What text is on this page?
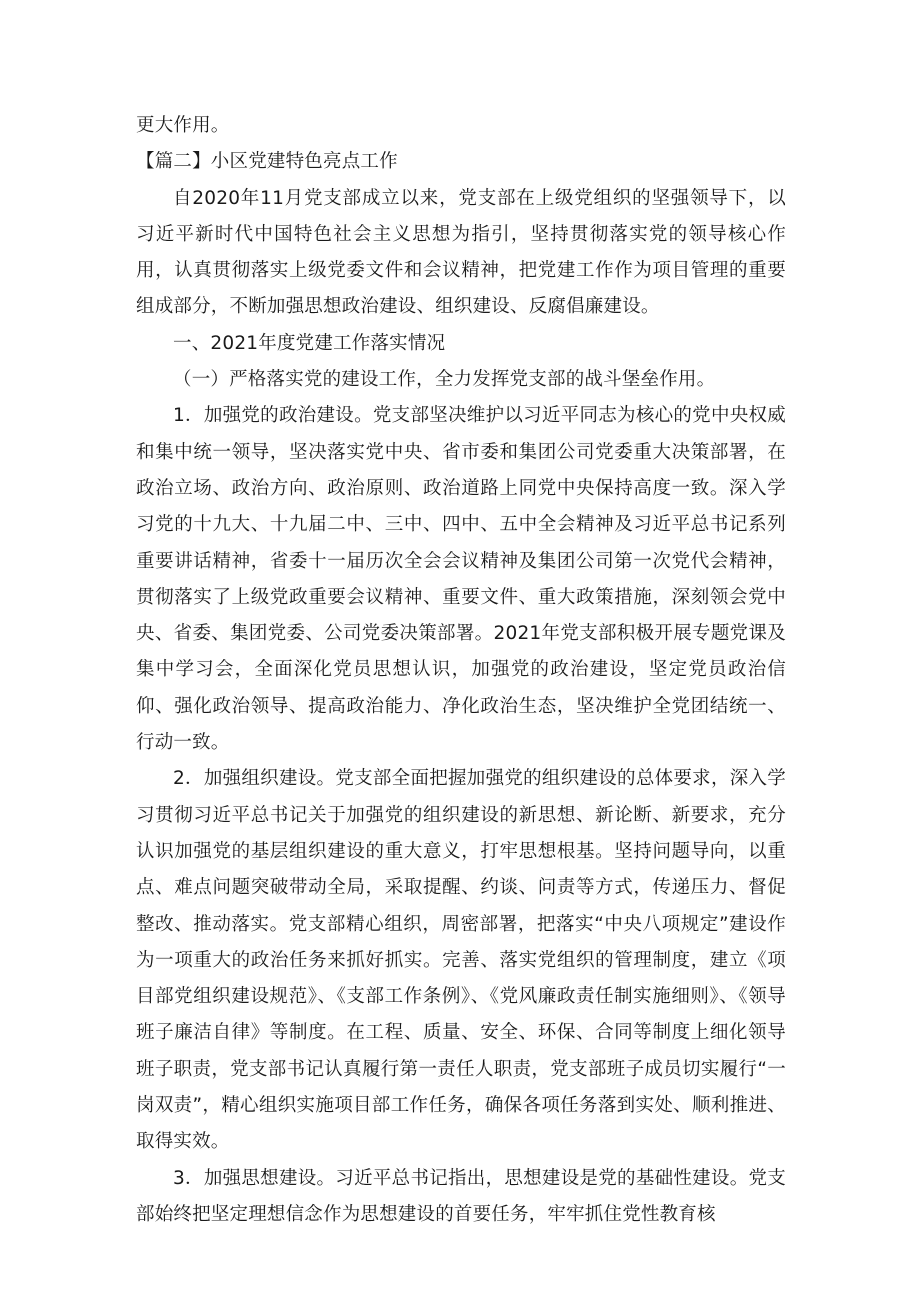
更大作用。

【篇二】小区党建特色亮点工作

自2020年11月党支部成立以来，党支部在上级党组织的坚强领导下，以习近平新时代中国特色社会主义思想为指引，坚持贯彻落实党的领导核心作用，认真贯彻落实上级党委文件和会议精神，把党建工作作为项目管理的重要组成部分，不断加强思想政治建设、组织建设、反腐倡廉建设。

一、2021年度党建工作落实情况

（一）严格落实党的建设工作，全力发挥党支部的战斗堡垒作用。

1．加强党的政治建设。党支部坚决维护以习近平同志为核心的党中央权威和集中统一领导，坚决落实党中央、省市委和集团公司党委重大决策部署，在政治立场、政治方向、政治原则、政治道路上同党中央保持高度一致。深入学习党的十九大、十九届二中、三中、四中、五中全会精神及习近平总书记系列重要讲话精神，省委十一届历次全会会议精神及集团公司第一次党代会精神，贯彻落实了上级党政重要会议精神、重要文件、重大政策措施，深刻领会党中央、省委、集团党委、公司党委决策部署。2021年党支部积极开展专题党课及集中学习会，全面深化党员思想认识，加强党的政治建设，坚定党员政治信仰、强化政治领导、提高政治能力、净化政治生态，坚决维护全党团结统一、行动一致。

2．加强组织建设。党支部全面把握加强党的组织建设的总体要求，深入学习贯彻习近平总书记关于加强党的组织建设的新思想、新论断、新要求，充分认识加强党的基层组织建设的重大意义，打牢思想根基。坚持问题导向，以重点、难点问题突破带动全局，采取提醒、约谈、问责等方式，传递压力、督促整改、推动落实。党支部精心组织，周密部署，把落实“中央八项规定”建设作为一项重大的政治任务来抓好抓实。完善、落实党组织的管理制度，建立《项目部党组织建设规范》、《支部工作条例》、《党风廉政责任制实施细则》、《领导班子廉洁自律》等制度。在工程、质量、安全、环保、合同等制度上细化领导班子职责，党支部书记认真履行第一责任人职责，党支部班子成员切实履行“一岗双责”，精心组织实施项目部工作任务，确保各项任务落到实处、顺利推进、取得实效。

3．加强思想建设。习近平总书记指出，思想建设是党的基础性建设。党支部始终把坚定理想信念作为思想建设的首要任务，牢牢抓住党性教育核
